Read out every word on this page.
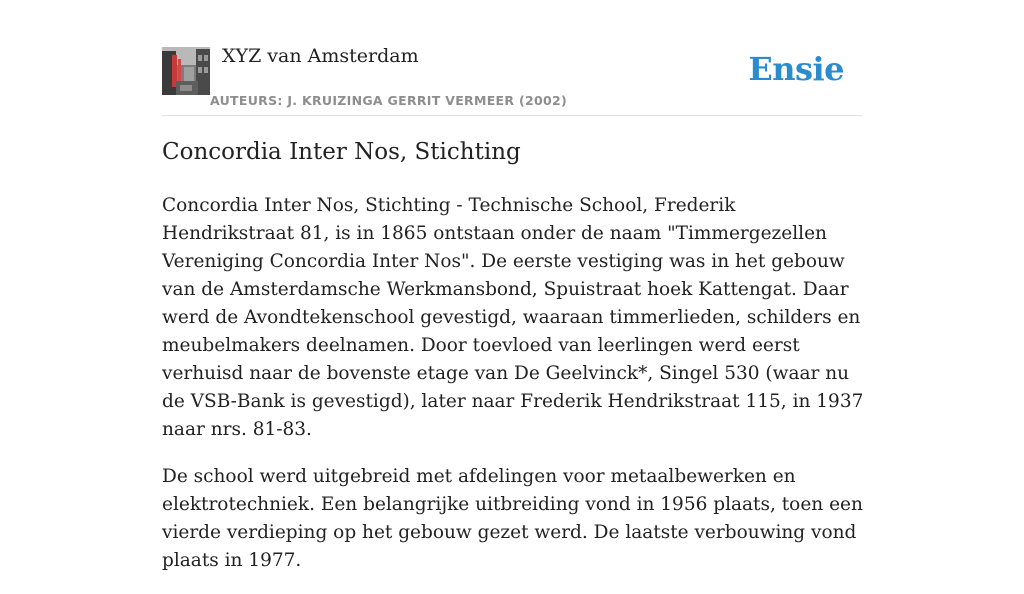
XYZ van Amsterdam
AUTEURS: J. KRUIZINGA GERRIT VERMEER (2002)
Ensie
Concordia Inter Nos, Stichting

Concordia Inter Nos, Stichting - Technische School, Frederik Hendrikstraat 81, is in 1865 ontstaan onder de naam "Timmergezellen Vereniging Concordia Inter Nos". De eerste vestiging was in het gebouw van de Amsterdamsche Werkmansbond, Spuistraat hoek Kattengat. Daar werd de Avondtekenschool gevestigd, waaraan timmerlieden, schilders en meubelmakers deelnamen. Door toevloed van leerlingen werd eerst verhuisd naar de bovenste etage van De Geelvinck*, Singel 530 (waar nu de VSB-Bank is gevestigd), later naar Frederik Hendrikstraat 115, in 1937 naar nrs. 81-83.

De school werd uitgebreid met afdelingen voor metaalbewerken en elektrotechniek. Een belangrijke uitbreiding vond in 1956 plaats, toen een vierde verdieping op het gebouw gezet werd. De laatste verbouwing vond plaats in 1977.
